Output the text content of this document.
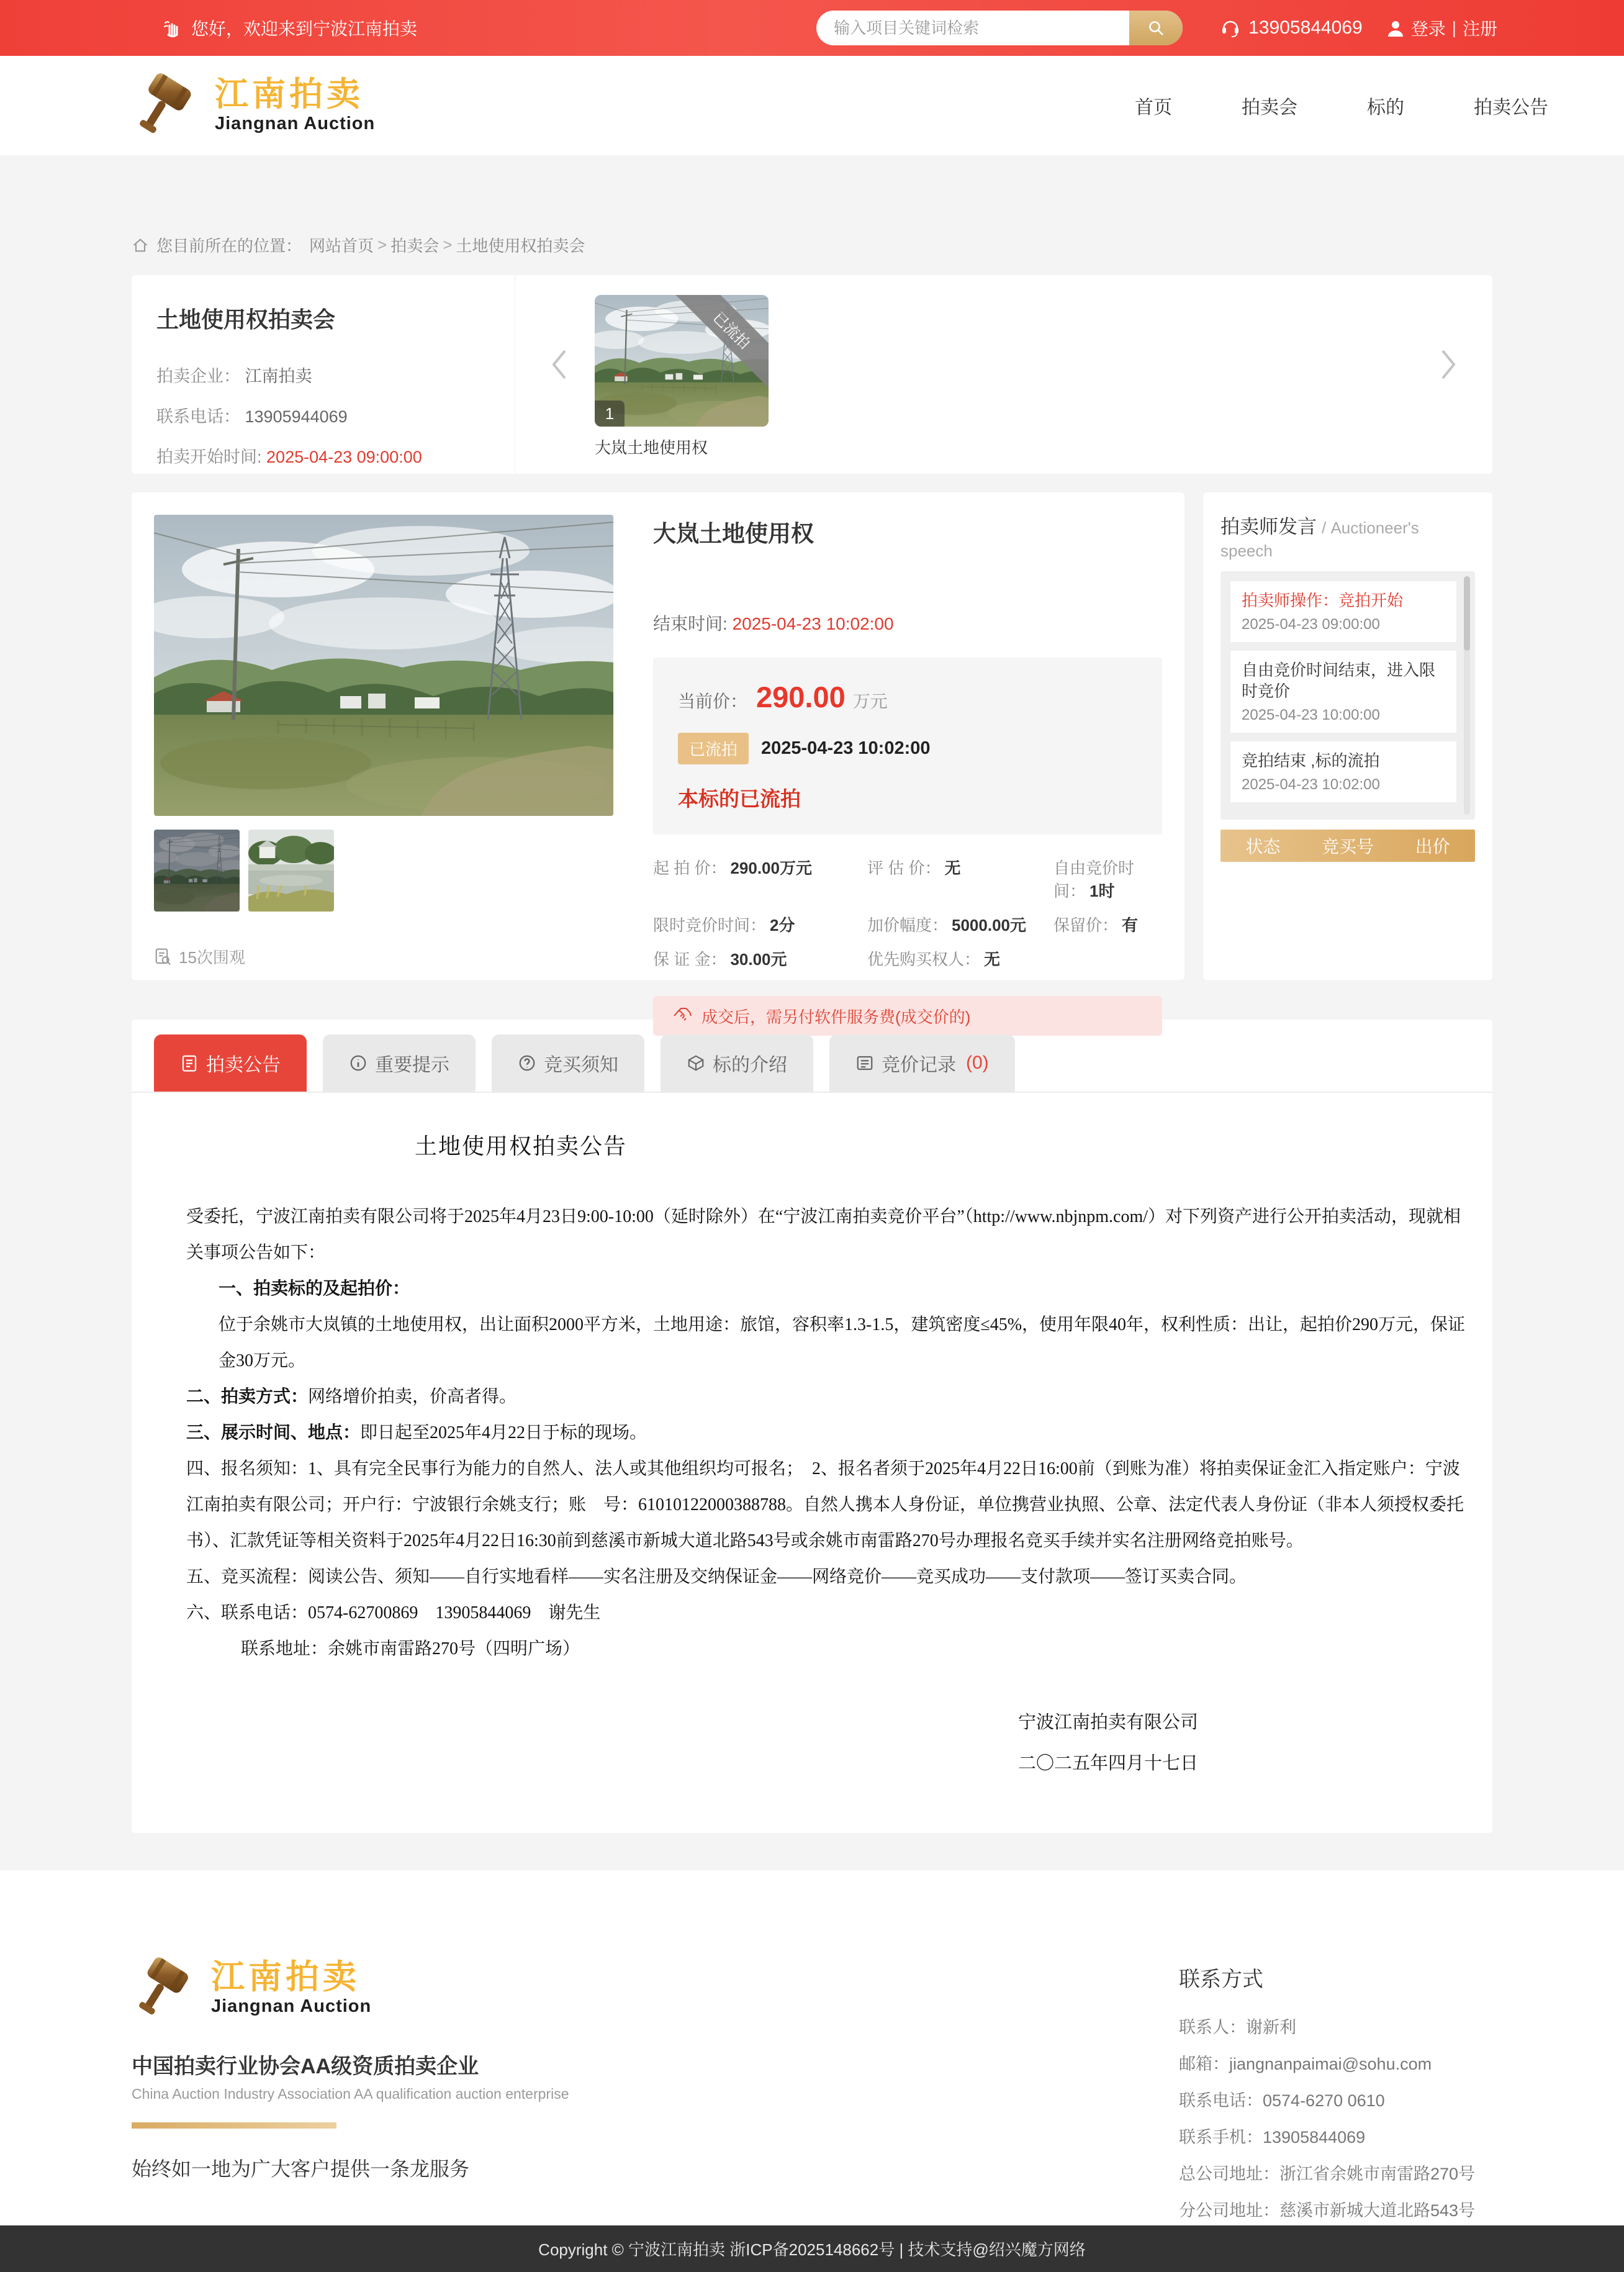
您好，欢迎来到宁波江南拍卖
输入项目关键词检索	13905844069	登录 | 注册
江南拍卖
Jiangnan Auction
首页	拍卖会	标的	拍卖公告
您目前所在的位置： 网站首页 > 拍卖会 > 土地使用权拍卖会
土地使用权拍卖会
拍卖企业： 江南拍卖
联系电话： 13905944069
拍卖开始时间: 2025-04-23 09:00:00
已流拍
1
大岚土地使用权
15次围观
大岚土地使用权
结束时间: 2025-04-23 10:02:00
当前价： 290.00 万元
已流拍	2025-04-23 10:02:00
本标的已流拍
起 拍 价： 290.00万元	评 估 价： 无	自由竞价时间： 1时
限时竞价时间： 2分	加价幅度： 5000.00元	保留价： 有
保 证 金： 30.00元	优先购买权人： 无
成交后，需另付软件服务费(成交价的)
拍卖师发言 / Auctioneer's speech
拍卖师操作：竞拍开始
2025-04-23 09:00:00
自由竞价时间结束，进入限时竞价
2025-04-23 10:00:00
竞拍结束 ,标的流拍
2025-04-23 10:02:00
状态	竞买号	出价
拍卖公告	重要提示	竞买须知	标的介绍	竞价记录 (0)
土地使用权拍卖公告

受委托，宁波江南拍卖有限公司将于2025年4月23日9:00-10:00（延时除外）在“宁波江南拍卖竞价平台”（http://www.nbjnpm.com/）对下列资产进行公开拍卖活动，现就相关事项公告如下：

一、拍卖标的及起拍价：

位于余姚市大岚镇的土地使用权，出让面积2000平方米，土地用途：旅馆，容积率1.3-1.5，建筑密度≤45%，使用年限40年，权利性质：出让，起拍价290万元，保证金30万元。

二、拍卖方式：网络增价拍卖，价高者得。

三、展示时间、地点：即日起至2025年4月22日于标的现场。

四、报名须知：1、具有完全民事行为能力的自然人、法人或其他组织均可报名；　2、报名者须于2025年4月22日16:00前（到账为准）将拍卖保证金汇入指定账户：宁波江南拍卖有限公司；开户行：宁波银行余姚支行；账　号：61010122000388788。自然人携本人身份证，单位携营业执照、公章、法定代表人身份证（非本人须授权委托书）、汇款凭证等相关资料于2025年4月22日16:30前到慈溪市新城大道北路543号或余姚市南雷路270号办理报名竞买手续并实名注册网络竞拍账号。

五、竞买流程：阅读公告、须知——自行实地看样——实名注册及交纳保证金——网络竞价——竞买成功——支付款项——签订买卖合同。

六、联系电话：0574-62700869　13905844069　谢先生

联系地址：余姚市南雷路270号（四明广场）

宁波江南拍卖有限公司
二〇二五年四月十七日
江南拍卖
Jiangnan Auction
中国拍卖行业协会AA级资质拍卖企业
China Auction Industry Association AA qualification auction enterprise
始终如一地为广大客户提供一条龙服务
联系方式

联系人：谢新利

邮箱：jiangnanpaimai@sohu.com

联系电话：0574-6270 0610

联系手机：13905844069

总公司地址：浙江省余姚市南雷路270号

分公司地址：慈溪市新城大道北路543号

Copyright © 宁波江南拍卖 浙ICP备2025148662号 | 技术支持@绍兴魔方网络
